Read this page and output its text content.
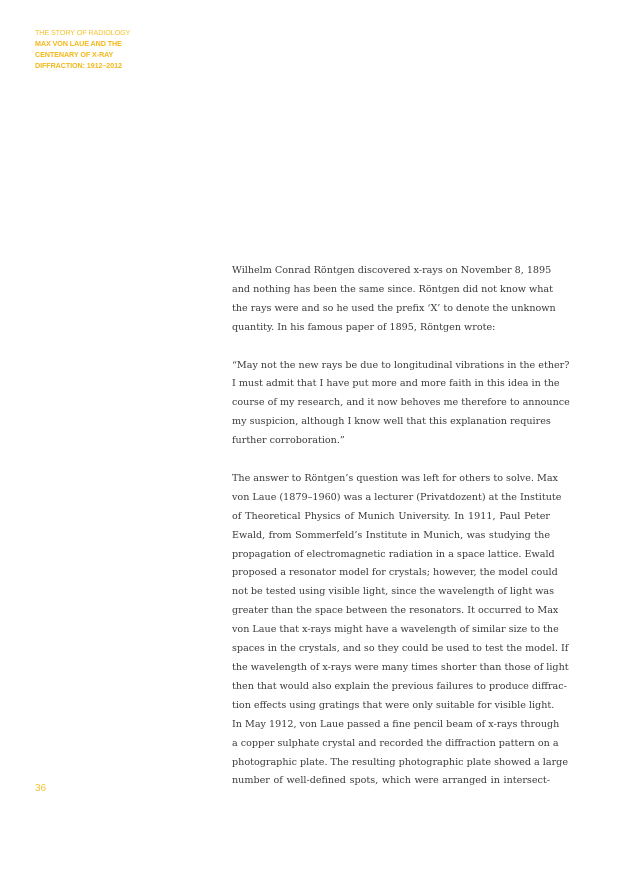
THE STORY OF RADIOLOGY
MAX VON LAUE AND THE
CENTENARY OF X-RAY
DIFFRACTION: 1912–2012
Wilhelm Conrad Röntgen discovered x-rays on November 8, 1895
and nothing has been the same since. Röntgen did not know what
the rays were and so he used the prefix ‘X’ to denote the unknown
quantity. In his famous paper of 1895, Röntgen wrote:
“May not the new rays be due to longitudinal vibrations in the ether?
I must admit that I have put more and more faith in this idea in the
course of my research, and it now behoves me therefore to announce
my suspicion, although I know well that this explanation requires
further corroboration.”
The answer to Röntgen’s question was left for others to solve. Max
von Laue (1879–1960) was a lecturer (Privatdozent) at the Institute
of Theoretical Physics of Munich University. In 1911, Paul Peter
Ewald, from Sommerfeld’s Institute in Munich, was studying the
propagation of electromagnetic radiation in a space lattice. Ewald
proposed a resonator model for crystals; however, the model could
not be tested using visible light, since the wavelength of light was
greater than the space between the resonators. It occurred to Max
von Laue that x-rays might have a wavelength of similar size to the
spaces in the crystals, and so they could be used to test the model. If
the wavelength of x-rays were many times shorter than those of light
then that would also explain the previous failures to produce diffrac-
tion effects using gratings that were only suitable for visible light.
In May 1912, von Laue passed a fine pencil beam of x-rays through
a copper sulphate crystal and recorded the diffraction pattern on a
photographic plate. The resulting photographic plate showed a large
number of well-defined spots, which were arranged in intersect-
36
